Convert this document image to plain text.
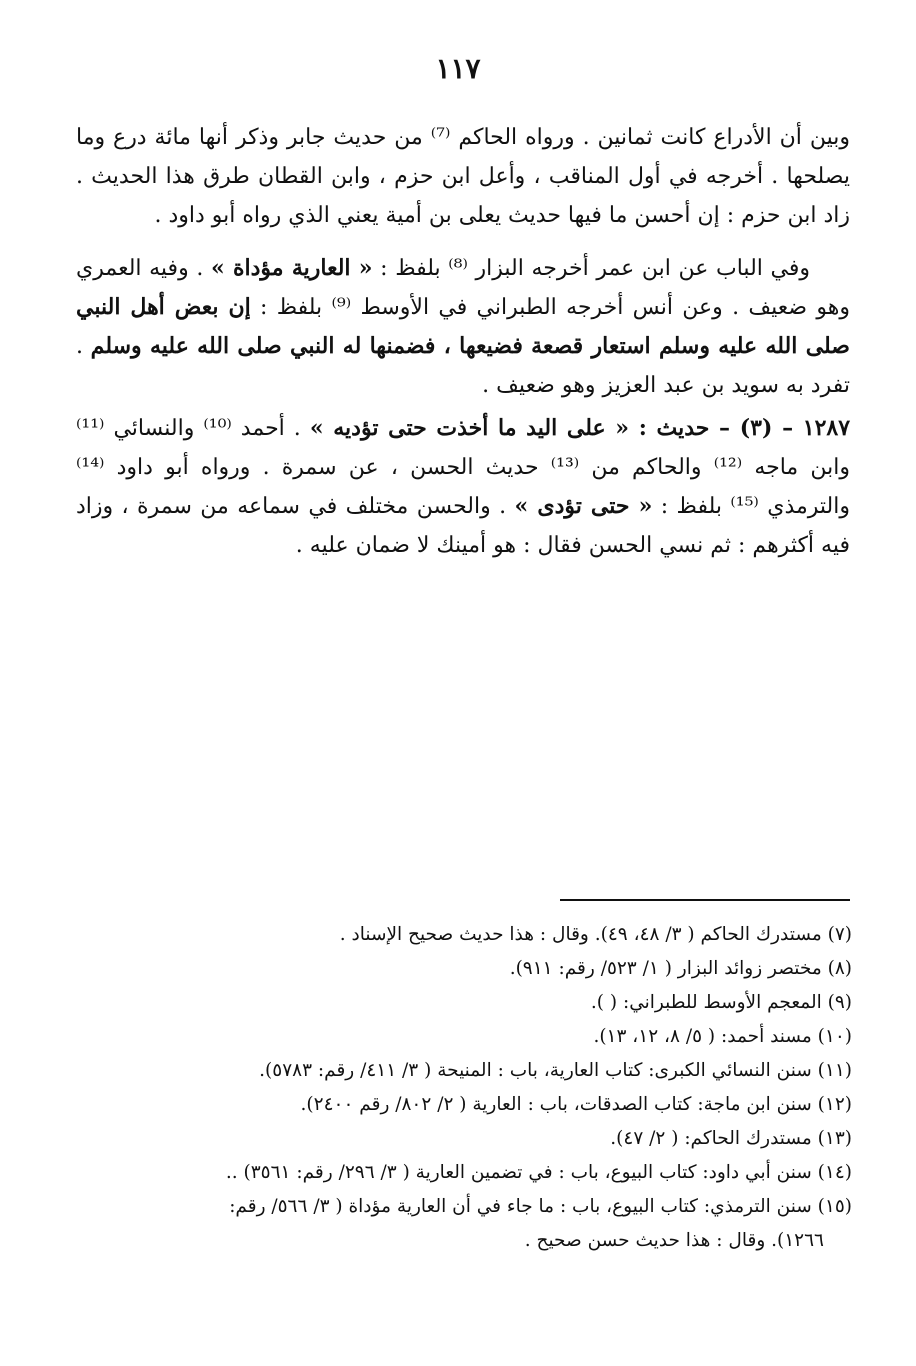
١١٧

وبين أن الأدراع كانت ثمانين . ورواه الحاكم ⁽⁷⁾ من حديث جابر وذكر أنها مائة درع وما يصلحها . أخرجه في أول المناقب ، وأعل ابن حزم ، وابن القطان طرق هذا الحديث . زاد ابن حزم : إن أحسن ما فيها حديث يعلى بن أمية يعني الذي رواه أبو داود .

وفي الباب عن ابن عمر أخرجه البزار ⁽⁸⁾ بلفظ : « العارية مؤداة » . وفيه العمري وهو ضعيف . وعن أنس أخرجه الطبراني في الأوسط ⁽⁹⁾ بلفظ : إن بعض أهل النبي صلى الله عليه وسلم استعار قصعة فضيعها ، فضمنها له النبي صلى الله عليه وسلم . تفرد به سويد بن عبد العزيز وهو ضعيف .

١٢٨٧ – (٣) – حديث : « على اليد ما أخذت حتى تؤديه » . أحمد ⁽¹⁰⁾ والنسائي ⁽¹¹⁾ وابن ماجه ⁽¹²⁾ والحاكم من ⁽¹³⁾ حديث الحسن ، عن سمرة . ورواه أبو داود ⁽¹⁴⁾ والترمذي ⁽¹⁵⁾ بلفظ : « حتى تؤدى » . والحسن مختلف في سماعه من سمرة ، وزاد فيه أكثرهم : ثم نسي الحسن فقال : هو أمينك لا ضمان عليه .

(٧) مستدرك الحاكم ( ٣/ ٤٨، ٤٩). وقال : هذا حديث صحيح الإسناد .

(٨) مختصر زوائد البزار ( ١/ ٥٢٣/ رقم: ٩١١).

(٩) المعجم الأوسط للطبراني: ( ).

(١٠) مسند أحمد: ( ٥/ ٨، ١٢، ١٣).

(١١) سنن النسائي الكبرى: كتاب العارية، باب : المنيحة ( ٣/ ٤١١/ رقم: ٥٧٨٣).

(١٢) سنن ابن ماجة: كتاب الصدقات، باب : العارية ( ٢/ ٨٠٢/ رقم ٢٤٠٠).

(١٣) مستدرك الحاكم: ( ٢/ ٤٧).

(١٤) سنن أبي داود: كتاب البيوع، باب : في تضمين العارية ( ٣/ ٢٩٦/ رقم: ٣٥٦١) ..

(١٥) سنن الترمذي: كتاب البيوع، باب : ما جاء في أن العارية مؤداة ( ٣/ ٥٦٦/ رقم:

١٢٦٦). وقال : هذا حديث حسن صحيح .
